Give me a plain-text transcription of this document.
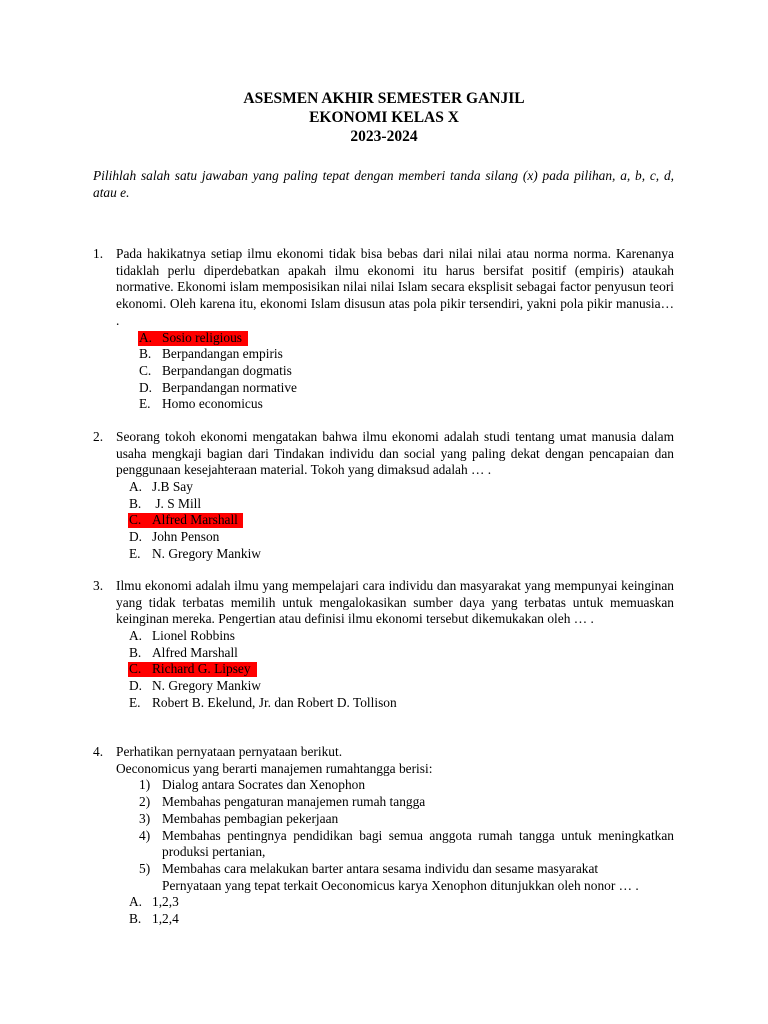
ASESMEN AKHIR SEMESTER GANJIL
EKONOMI KELAS X
2023-2024
Pilihlah salah satu jawaban yang paling tepat dengan memberi tanda silang (x) pada pilihan, a, b, c, d, atau e.
1. Pada hakikatnya setiap ilmu ekonomi tidak bisa bebas dari nilai nilai atau norma norma. Karenanya tidaklah perlu diperdebatkan apakah ilmu ekonomi itu harus bersifat positif (empiris) ataukah normative. Ekonomi islam memposisikan nilai nilai Islam secara eksplisit sebagai factor penyusun teori ekonomi. Oleh karena itu, ekonomi Islam disusun atas pola pikir tersendiri, yakni pola pikir manusia… .
A. Sosio religious
B. Berpandangan empiris
C. Berpandangan dogmatis
D. Berpandangan normative
E. Homo economicus
2. Seorang tokoh ekonomi mengatakan bahwa ilmu ekonomi adalah studi tentang umat manusia dalam usaha mengkaji bagian dari Tindakan individu dan social yang paling dekat dengan pencapaian dan penggunaan kesejahteraan material. Tokoh yang dimaksud adalah … .
A. J.B Say
B. J. S Mill
C. Alfred Marshall
D. John Penson
E. N. Gregory Mankiw
3. Ilmu ekonomi adalah ilmu yang mempelajari cara individu dan masyarakat yang mempunyai keinginan yang tidak terbatas memilih untuk mengalokasikan sumber daya yang terbatas untuk memuaskan keinginan mereka. Pengertian atau definisi ilmu ekonomi tersebut dikemukakan oleh … .
A. Lionel Robbins
B. Alfred Marshall
C. Richard G. Lipsey
D. N. Gregory Mankiw
E. Robert B. Ekelund, Jr. dan Robert D. Tollison
4. Perhatikan pernyataan pernyataan berikut.
Oeconomicus yang berarti manajemen rumahtangga berisi:
1) Dialog antara Socrates dan Xenophon
2) Membahas pengaturan manajemen rumah tangga
3) Membahas pembagian pekerjaan
4) Membahas pentingnya pendidikan bagi semua anggota rumah tangga untuk meningkatkan produksi pertanian,
5) Membahas cara melakukan barter antara sesama individu dan sesame masyarakat
Pernyataan yang tepat terkait Oeconomicus karya Xenophon ditunjukkan oleh nonor … .
A. 1,2,3
B. 1,2,4
